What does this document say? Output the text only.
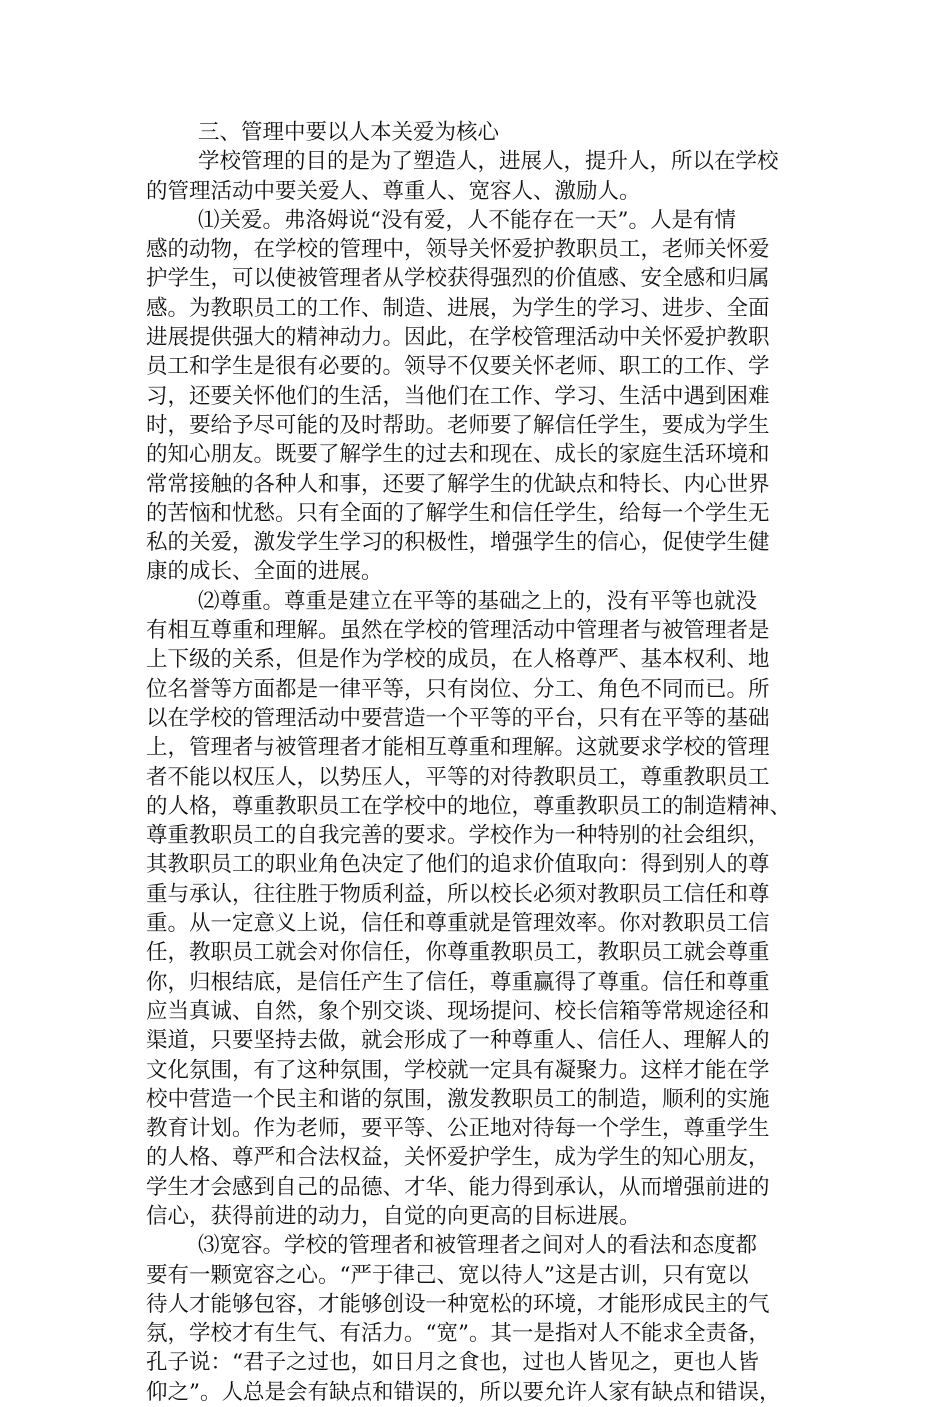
三、管理中要以人本关爱为核心
学校管理的目的是为了塑造人，进展人，提升人，所以在学校
的管理活动中要关爱人、尊重人、宽容人、激励人。
⑴关爱。弗洛姆说“没有爱，人不能存在一天”。人是有情
感的动物，在学校的管理中，领导关怀爱护教职员工，老师关怀爱
护学生，可以使被管理者从学校获得强烈的价值感、安全感和归属
感。为教职员工的工作、制造、进展，为学生的学习、进步、全面
进展提供强大的精神动力。因此，在学校管理活动中关怀爱护教职
员工和学生是很有必要的。领导不仅要关怀老师、职工的工作、学
习，还要关怀他们的生活，当他们在工作、学习、生活中遇到困难
时，要给予尽可能的及时帮助。老师要了解信任学生，要成为学生
的知心朋友。既要了解学生的过去和现在、成长的家庭生活环境和
常常接触的各种人和事，还要了解学生的优缺点和特长、内心世界
的苦恼和忧愁。只有全面的了解学生和信任学生，给每一个学生无
私的关爱，激发学生学习的积极性，增强学生的信心，促使学生健
康的成长、全面的进展。
⑵尊重。尊重是建立在平等的基础之上的，没有平等也就没
有相互尊重和理解。虽然在学校的管理活动中管理者与被管理者是
上下级的关系，但是作为学校的成员，在人格尊严、基本权利、地
位名誉等方面都是一律平等，只有岗位、分工、角色不同而已。所
以在学校的管理活动中要营造一个平等的平台，只有在平等的基础
上，管理者与被管理者才能相互尊重和理解。这就要求学校的管理
者不能以权压人，以势压人，平等的对待教职员工，尊重教职员工
的人格，尊重教职员工在学校中的地位，尊重教职员工的制造精神、
尊重教职员工的自我完善的要求。学校作为一种特别的社会组织，
其教职员工的职业角色决定了他们的追求价值取向：得到别人的尊
重与承认，往往胜于物质利益，所以校长必须对教职员工信任和尊
重。从一定意义上说，信任和尊重就是管理效率。你对教职员工信
任，教职员工就会对你信任，你尊重教职员工，教职员工就会尊重
你，归根结底，是信任产生了信任，尊重赢得了尊重。信任和尊重
应当真诚、自然，象个别交谈、现场提问、校长信箱等常规途径和
渠道，只要坚持去做，就会形成了一种尊重人、信任人、理解人的
文化氛围，有了这种氛围，学校就一定具有凝聚力。这样才能在学
校中营造一个民主和谐的氛围，激发教职员工的制造，顺利的实施
教育计划。作为老师，要平等、公正地对待每一个学生，尊重学生
的人格、尊严和合法权益，关怀爱护学生，成为学生的知心朋友，
学生才会感到自己的品德、才华、能力得到承认，从而增强前进的
信心，获得前进的动力，自觉的向更高的目标进展。
⑶宽容。学校的管理者和被管理者之间对人的看法和态度都
要有一颗宽容之心。“严于律己、宽以待人”这是古训，只有宽以
待人才能够包容，才能够创设一种宽松的环境，才能形成民主的气
氛，学校才有生气、有活力。“宽”。其一是指对人不能求全责备，
孔子说：“君子之过也，如日月之食也，过也人皆见之，更也人皆
仰之”。人总是会有缺点和错误的，所以要允许人家有缺点和错误，
